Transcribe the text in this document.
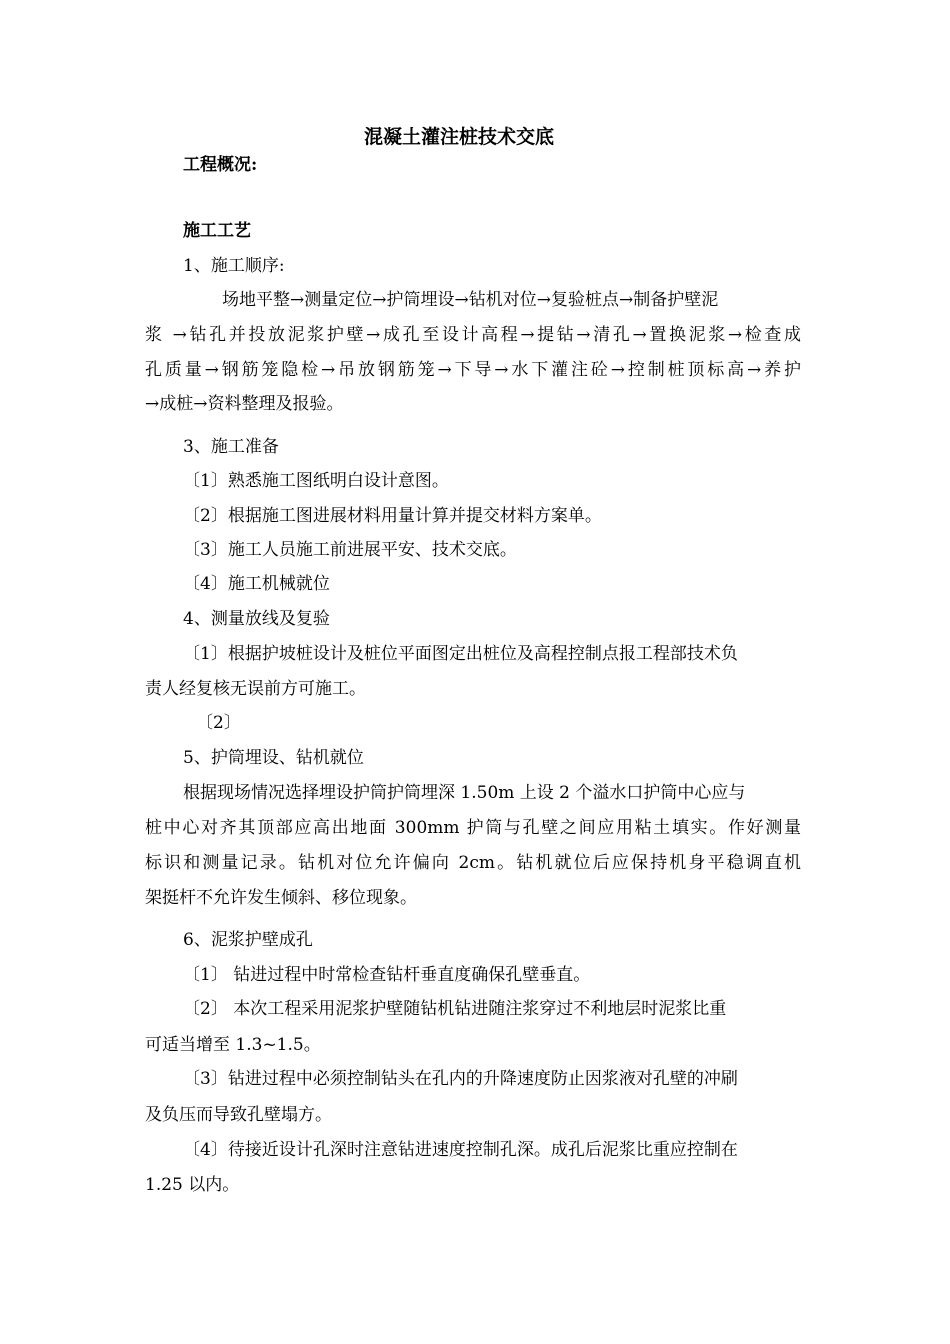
混凝土灌注桩技术交底
工程概况:
施工工艺
1、施工顺序:
场地平整→测量定位→护筒埋设→钻机对位→复验桩点→制备护壁泥
浆 →钻孔并投放泥浆护壁→成孔至设计高程→提钻→清孔→置换泥浆→检查成
孔质量→钢筋笼隐检→吊放钢筋笼→下导→水下灌注砼→控制桩顶标高→养护
→成桩→资料整理及报验。
3、施工准备
〔1〕熟悉施工图纸明白设计意图。
〔2〕根据施工图进展材料用量计算并提交材料方案单。
〔3〕施工人员施工前进展平安、技术交底。
〔4〕施工机械就位
4、测量放线及复验
〔1〕根据护坡桩设计及桩位平面图定出桩位及高程控制点报工程部技术负
责人经复核无误前方可施工。
〔2〕
5、护筒埋设、钻机就位
根据现场情况选择埋设护筒护筒埋深 1.50m 上设 2 个溢水口护筒中心应与
桩中心对齐其顶部应高出地面 300mm 护筒与孔壁之间应用粘土填实。作好测量
标识和测量记录。钻机对位允许偏向 2cm。钻机就位后应保持机身平稳调直机
架挺杆不允许发生倾斜、移位现象。
6、泥浆护壁成孔
〔1〕 钻进过程中时常检查钻杆垂直度确保孔壁垂直。
〔2〕 本次工程采用泥浆护壁随钻机钻进随注浆穿过不利地层时泥浆比重
可适当增至 1.3~1.5。
〔3〕钻进过程中必须控制钻头在孔内的升降速度防止因浆液对孔壁的冲刷
及负压而导致孔壁塌方。
〔4〕待接近设计孔深时注意钻进速度控制孔深。成孔后泥浆比重应控制在
1.25 以内。
